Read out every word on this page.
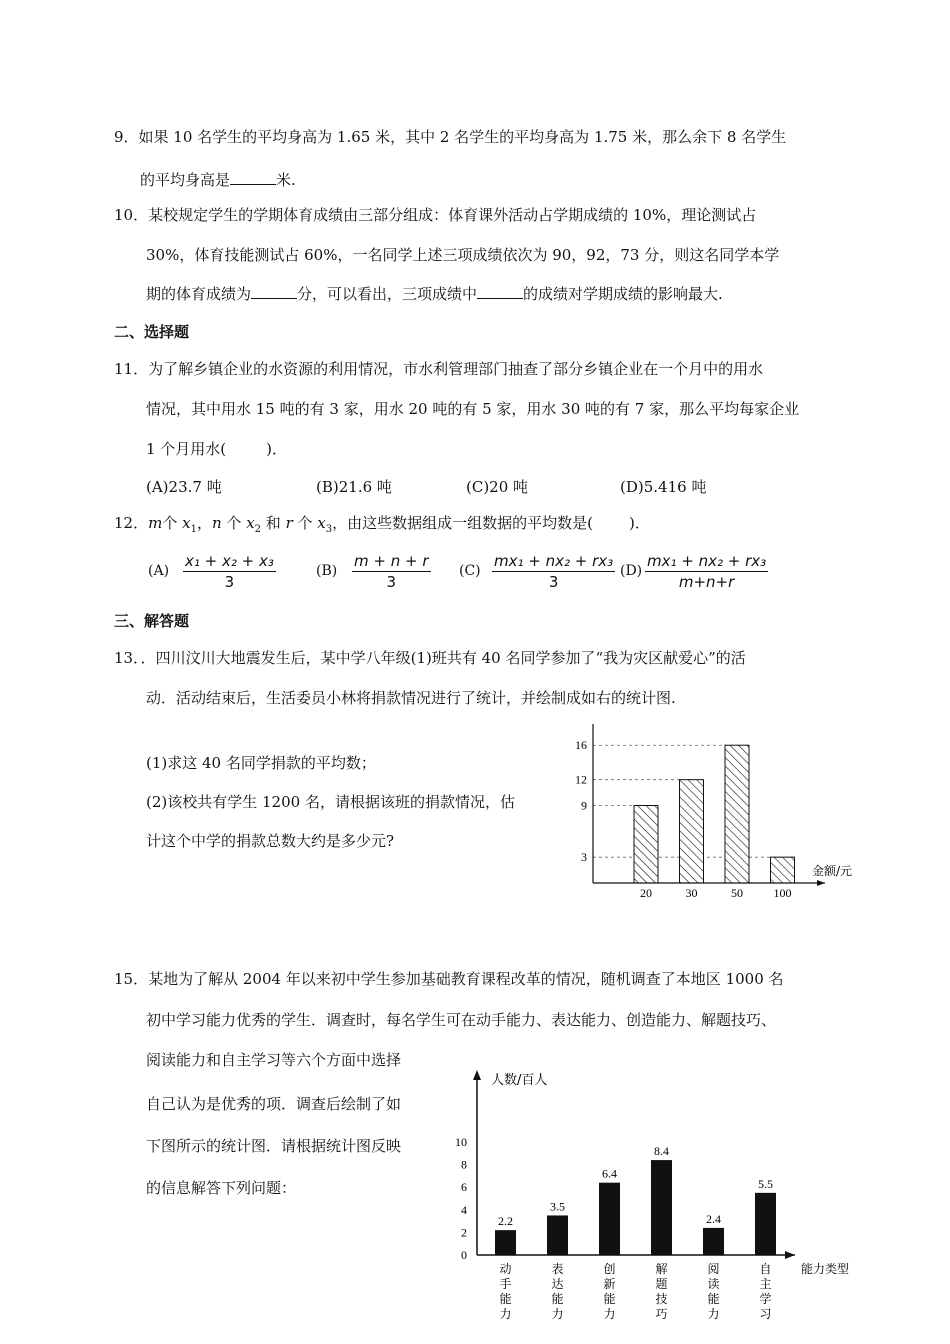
9．如果 10 名学生的平均身高为 1.65 米，其中 2 名学生的平均身高为 1.75 米，那么余下 8 名学生
的平均身高是	米.
10．某校规定学生的学期体育成绩由三部分组成：体育课外活动占学期成绩的 10%，理论测试占
30%，体育技能测试占 60%，一名同学上述三项成绩依次为 90，92，73 分，则这名同学本学
期的体育成绩为	分，可以看出，三项成绩中	的成绩对学期成绩的影响最大.
二、选择题
11．为了解乡镇企业的水资源的利用情况，市水利管理部门抽查了部分乡镇企业在一个月中的用水
情况，其中用水 15 吨的有 3 家，用水 20 吨的有 5 家，用水 30 吨的有 7 家，那么平均每家企业
1 个月用水(	)．
(A)23.7 吨	(B)21.6 吨	(C)20 吨	(D)5.416 吨
12．m个 $x_1$，n 个 $x_2$ 和 r 个 $x_3$，由这些数据组成一组数据的平均数是( )．
(A)
x₁ + x₂ + x₃
3
(B)
m + n + r
3
(C)
mx₁ + nx₂ + rx₃
3
(D)
mx₁ + nx₂ + rx₃
m+n+r
三、解答题
13．．四川汶川大地震发生后，某中学八年级(1)班共有 40 名同学参加了“我为灾区献爱心”的活
动．活动结束后，生活委员小林将捐款情况进行了统计，并绘制成如右的统计图.
(1)求这 40 名同学捐款的平均数；
(2)该校共有学生 1200 名，请根据该班的捐款情况，估
计这个中学的捐款总数大约是多少元?
20	30	50	100
3
9
12
16
金额/元
15．某地为了解从 2004 年以来初中学生参加基础教育课程改革的情况，随机调查了本地区 1000 名
初中学习能力优秀的学生．调查时，每名学生可在动手能力、表达能力、创造能力、解题技巧、
阅读能力和自主学习等六个方面中选择
自己认为是优秀的项．调查后绘制了如
下图所示的统计图．请根据统计图反映
的信息解答下列问题：
2.2
动手能力
3.5
表达能力
6.4
创新能力
8.4
解题技巧
2.4
阅读能力
5.5
自主学习
0
2
4
6
8
10
人数/百人
能力类型
